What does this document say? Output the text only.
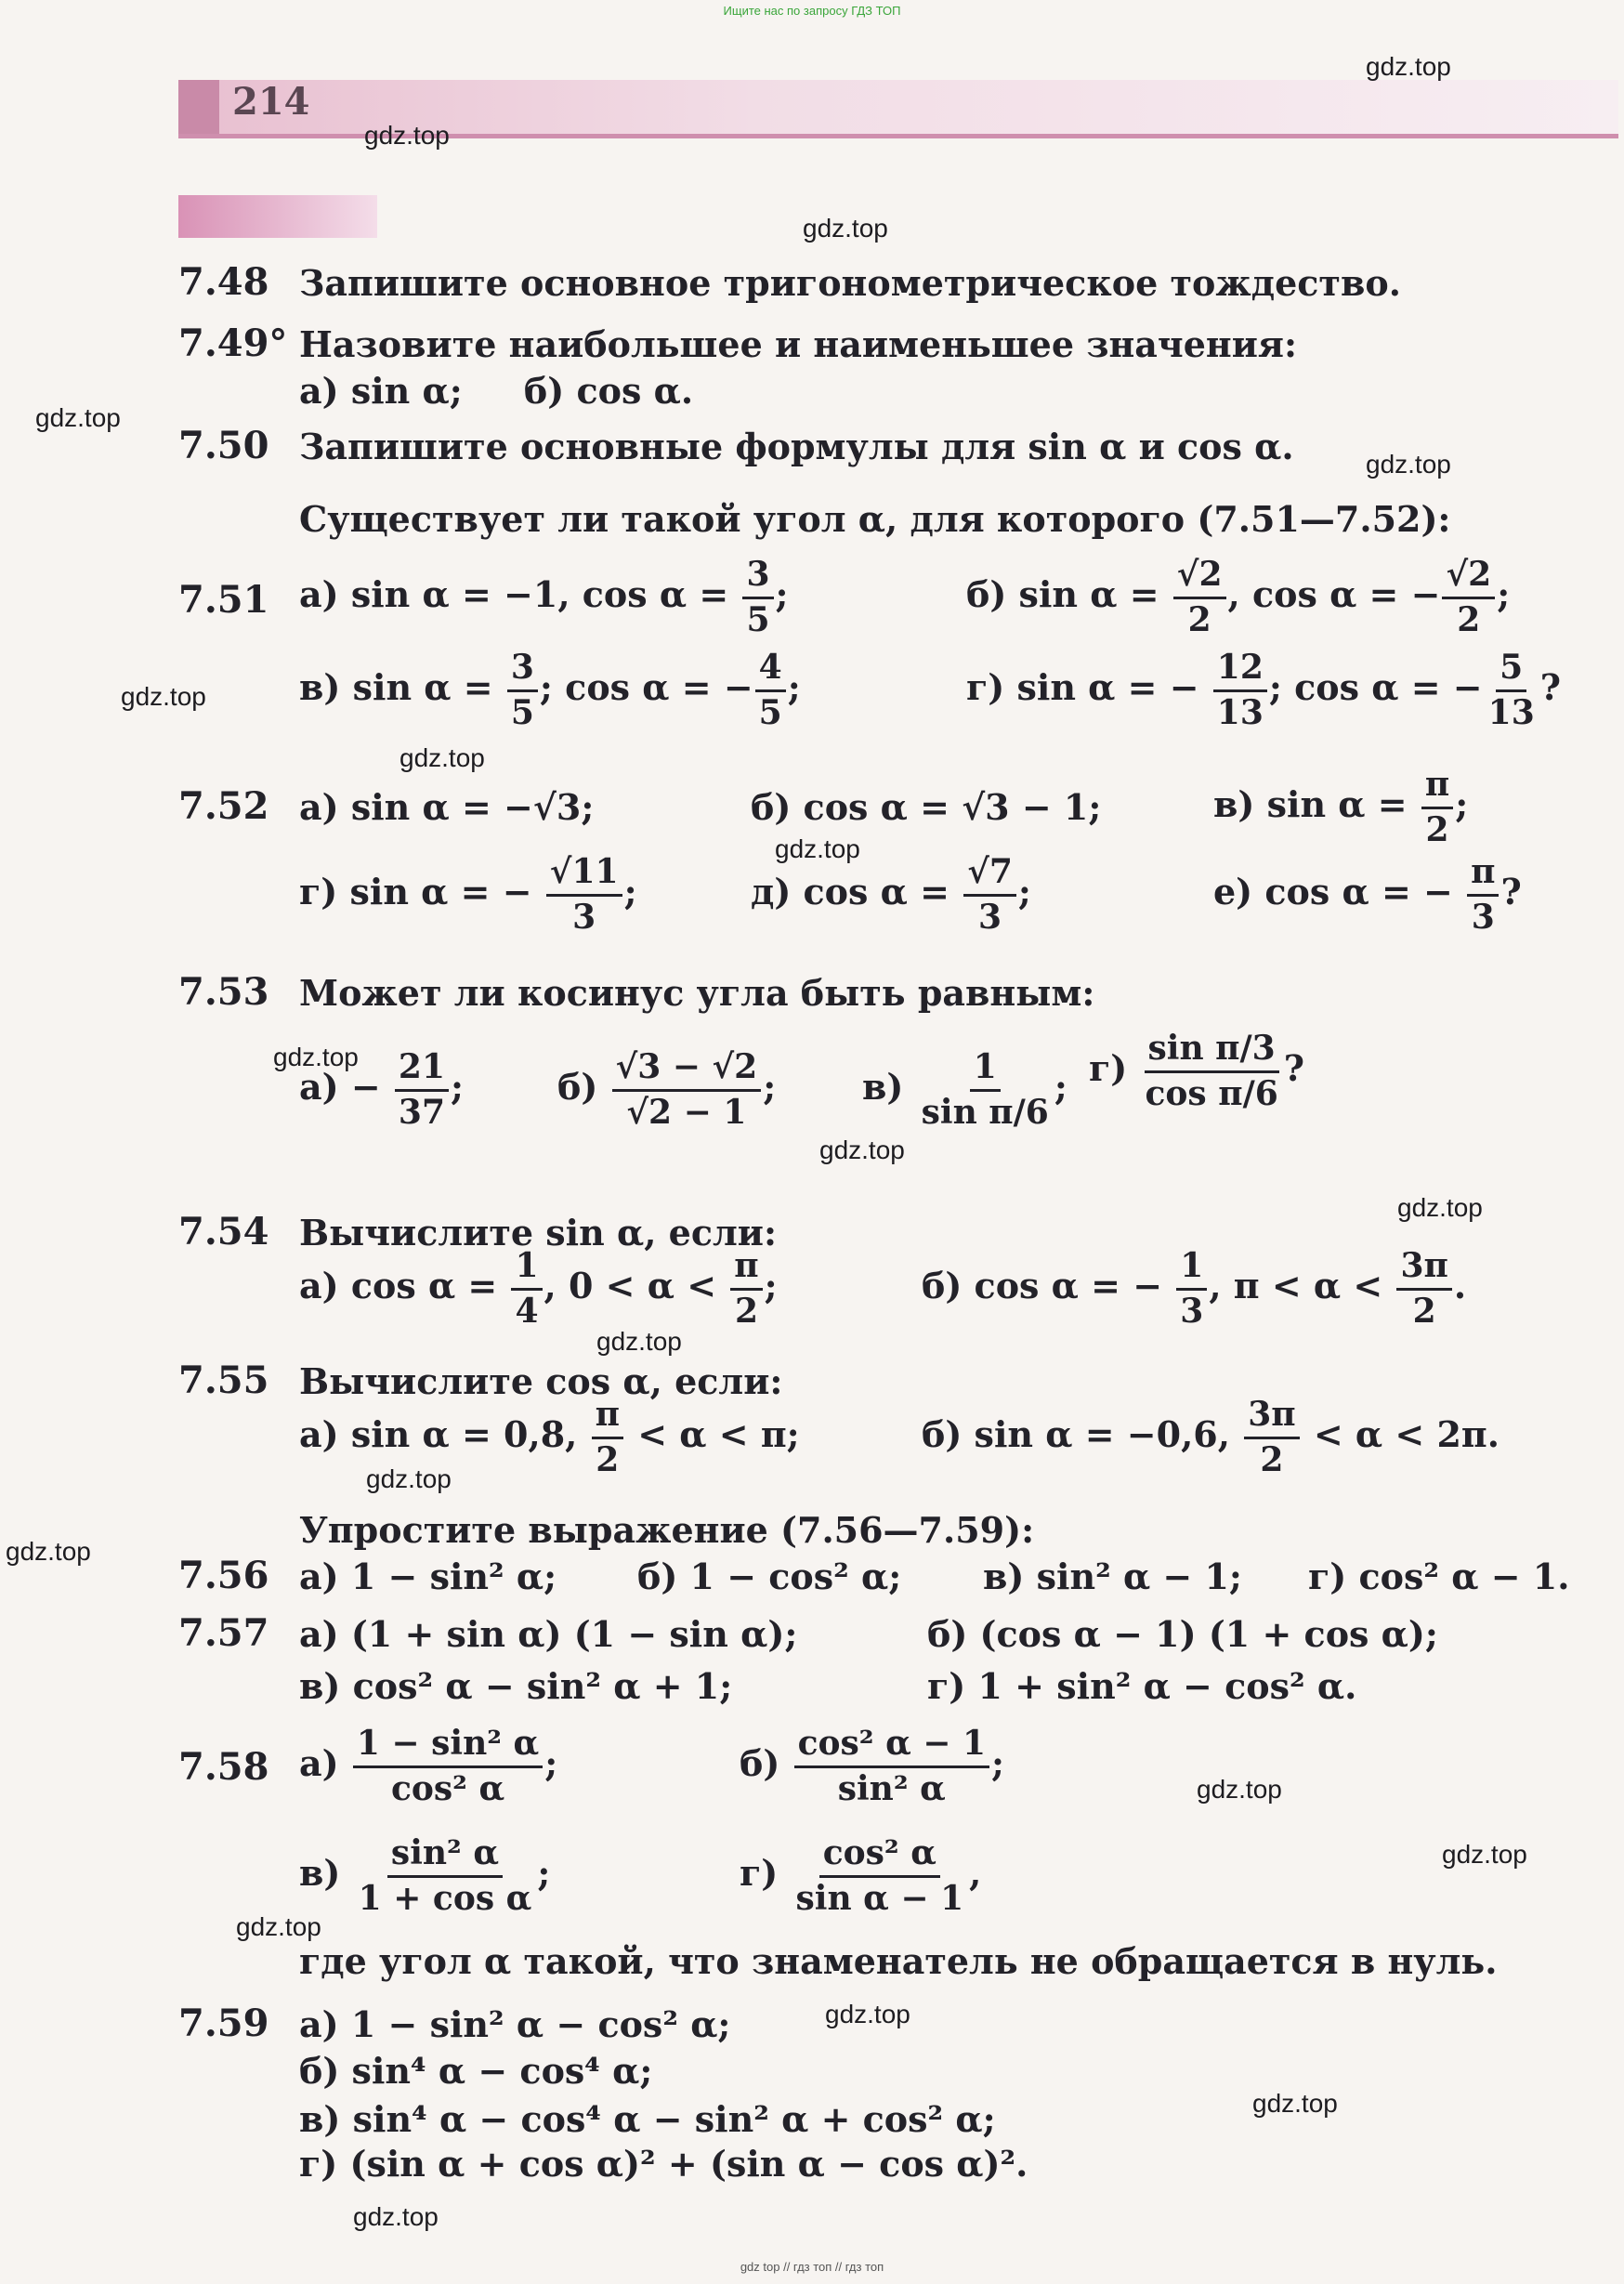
Ищите нас по запросу ГДЗ ТОП
214
gdz.top
gdz.top
gdz.top
gdz.top
gdz.top
gdz.top
gdz.top
gdz.top
gdz.top
gdz.top
gdz.top
gdz.top
gdz.top
gdz.top
gdz.top
gdz.top
gdz.top
gdz.top
gdz.top
gdz.top
7.48 Запишите основное тригонометрическое тождество.
7.49° Назовите наибольшее и наименьшее значения:
а) sin α;     б) cos α.
7.50 Запишите основные формулы для sin α и cos α.
Существует ли такой угол α, для которого (7.51—7.52):
7.51 а) sin α = −1, $\cos \alpha = \frac{3}{5}$ ;	б) $\sin \alpha = \frac{√2}{2}$ , cos α = − $\frac{√2}{2}$ ;
в) $\sin \alpha = \frac{3}{5}$ ; cos α = − $\frac{4}{5}$ ;	г) sin α = − $\frac{12}{13}$ ; cos α = − $\frac{5}{13}$ ?
7.52 а) sin α = −√3;	б) cos α = √3 − 1;	в) $\sin \alpha = \frac{\pi}{2}$ ;
г) sin α = − $\frac{√11}{3}$ ;	д) $\cos \alpha = \frac{√7}{3}$ ;	е) cos α = − $\frac{\pi}{3}$ ?
7.53 Может ли косинус угла быть равным:
$а) - \frac{21}{37}$ ;	$б) \frac{√3 - √2}{√2 - 1}$ ; $в) \frac{1}{\text{sin π/6}}$ ; $г) \frac{\text{sin π/3}}{\text{cos π/6}}$ ?
7.54 Вычислите sin α, если:
а) $\cos \alpha = \frac{1}{4}$ , $0 < \alpha < \frac{\pi}{2}$ ;	б) cos α = − $\frac{1}{3}$ , $\pi < \alpha < \frac{3\pi}{2}$ .
7.55 Вычислите cos α, если:
а) sin α = 0,8, $\frac{\pi}{2} < \alpha < \pi$;	б) sin α = −0,6, $\frac{3\pi}{2} < \alpha < 2\pi$.
Упростите выражение (7.56—7.59):
7.56 а) 1 − sin² α; б) 1 − cos² α; в) sin² α − 1; г) cos² α − 1.
7.57 а) (1 + sin α) (1 − sin α);	б) (cos α − 1) (1 + cos α);
в) cos² α − sin² α + 1;	г) 1 + sin² α − cos² α.
7.58 $а) \frac{\text{1 − sin² α}}{\text{cos² α}}$ ;	$б) \frac{\text{cos² α − 1}}{\text{sin² α}}$ ;
$в) \frac{\text{sin² α}}{\text{1 + cos α}}$ ;	$г) \frac{\text{cos² α}}{\text{sin α − 1}}$ ,
где угол α такой, что знаменатель не обращается в нуль.
7.59 а) 1 − sin² α − cos² α;
б) sin⁴ α − cos⁴ α;
в) sin⁴ α − cos⁴ α − sin² α + cos² α;
г) (sin α + cos α)² + (sin α − cos α)².
gdz top // гдз топ // гдз топ
